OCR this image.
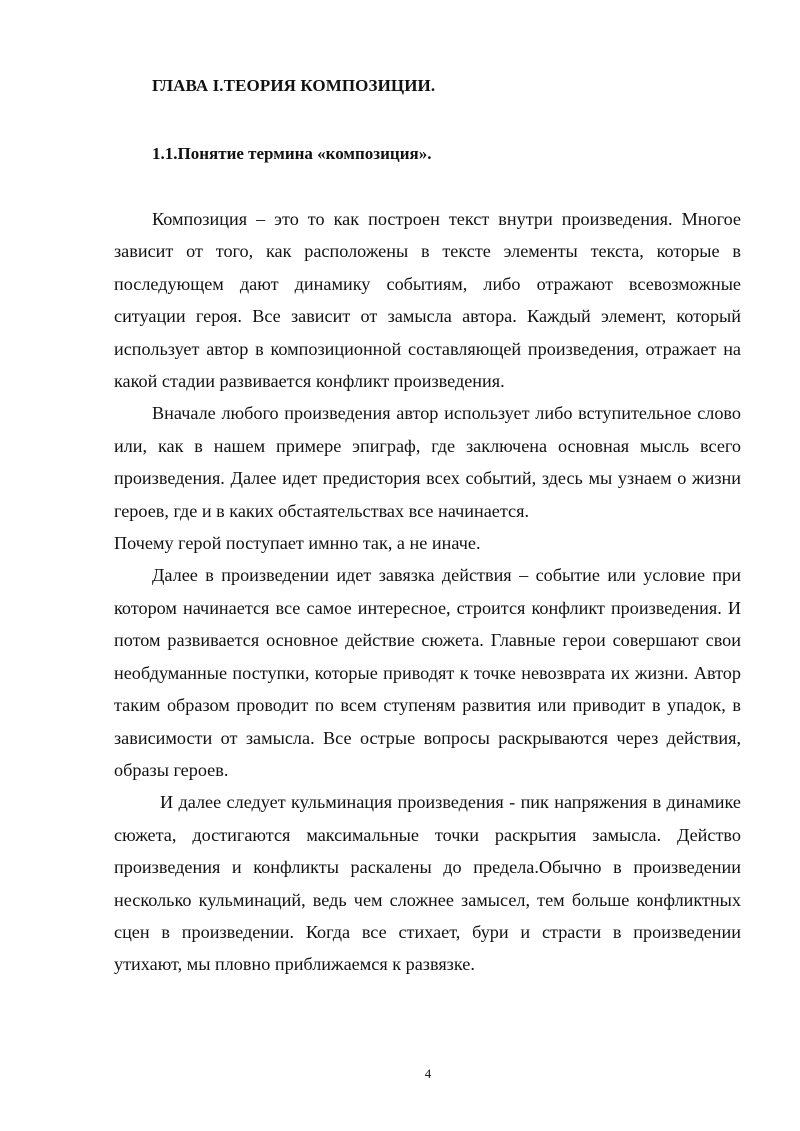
ГЛАВА I.ТЕОРИЯ КОМПОЗИЦИИ.
1.1.Понятие термина «композиция».

Композиция – это то как построен текст внутри произведения. Многое зависит от того, как расположены в тексте элементы текста, которые в последующем дают динамику событиям, либо отражают всевозможные ситуации героя. Все зависит от замысла автора. Каждый элемент, который использует автор в композиционной составляющей произведения, отражает на какой стадии развивается конфликт произведения.

Вначале любого произведения автор использует либо вступительное слово или, как в нашем примере эпиграф, где заключена основная мысль всего произведения. Далее идет предистория всех событий, здесь мы узнаем о жизни героев, где и в каких обстаятельствах все начинается.

Почему герой поступает имнно так, а не иначе.

Далее в произведении идет завязка действия – событие или условие при котором начинается все самое интересное, строится конфликт произведения. И потом развивается основное действие сюжета. Главные герои совершают свои необдуманные поступки, которые приводят к точке невозврата их жизни. Автор таким образом проводит по всем ступеням развития или приводит в упадок, в зависимости от замысла. Все острые вопросы раскрываются через действия, образы героев.

И далее следует кульминация произведения - пик напряжения в динамике сюжета, достигаются максимальные точки раскрытия замысла. Действо произведения и конфликты раскалены до предела.Обычно в произведении несколько кульминаций, ведь чем сложнее замысел, тем больше конфликтных сцен в произведении. Когда все стихает, бури и страсти в произведении утихают, мы пловно приближаемся к развязке.

4
